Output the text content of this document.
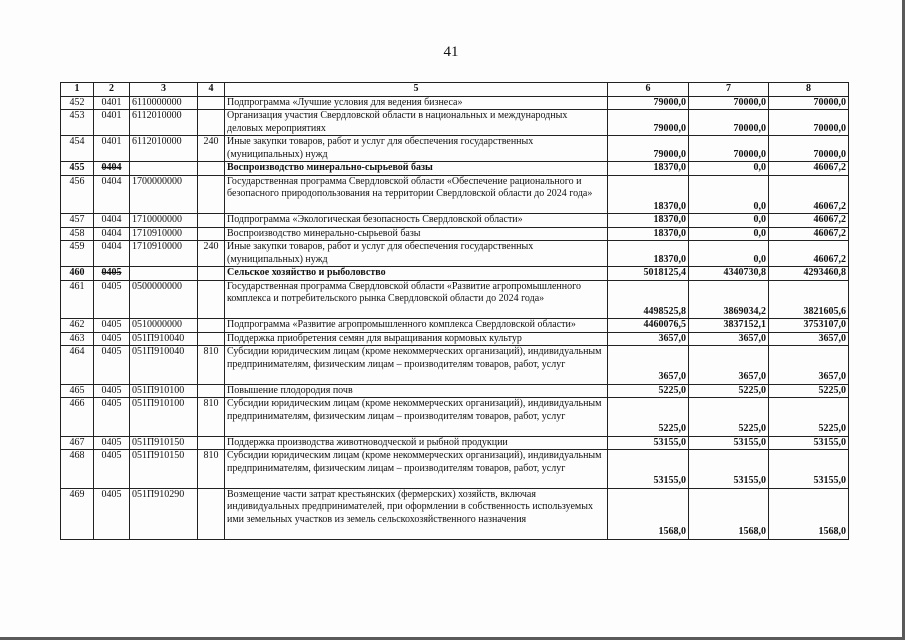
41
1	2	3	4	5	6	7	8
452	0401	6110000000		Подпрограмма «Лучшие условия для ведения бизнеса»	79000,0	70000,0	70000,0
453	0401	6112010000		Организация участия Свердловской области в национальных и международных деловых мероприятиях	79000,0	70000,0	70000,0
454	0401	6112010000	240	Иные закупки товаров, работ и услуг для обеспечения государственных (муниципальных) нужд	79000,0	70000,0	70000,0
455	0404			Воспроизводство минерально-сырьевой базы	18370,0	0,0	46067,2
456	0404	1700000000		Государственная программа Свердловской области «Обеспечение рационального и безопасного природопользования на территории Свердловской области до 2024 года»	18370,0	0,0	46067,2
457	0404	1710000000		Подпрограмма «Экологическая безопасность Свердловской области»	18370,0	0,0	46067,2
458	0404	1710910000		Воспроизводство минерально-сырьевой базы	18370,0	0,0	46067,2
459	0404	1710910000	240	Иные закупки товаров, работ и услуг для обеспечения государственных (муниципальных) нужд	18370,0	0,0	46067,2
460	0405			Сельское хозяйство и рыболовство	5018125,4	4340730,8	4293460,8
461	0405	0500000000		Государственная программа Свердловской области «Развитие агропромышленного комплекса и потребительского рынка Свердловской области до 2024 года»	4498525,8	3869034,2	3821605,6
462	0405	0510000000		Подпрограмма «Развитие агропромышленного комплекса Свердловской области»	4460076,5	3837152,1	3753107,0
463	0405	051П910040		Поддержка приобретения семян для выращивания кормовых культур	3657,0	3657,0	3657,0
464	0405	051П910040	810	Субсидии юридическим лицам (кроме некоммерческих организаций), индивидуальным предпринимателям, физическим лицам – производителям товаров, работ, услуг	3657,0	3657,0	3657,0
465	0405	051П910100		Повышение плодородия почв	5225,0	5225,0	5225,0
466	0405	051П910100	810	Субсидии юридическим лицам (кроме некоммерческих организаций), индивидуальным предпринимателям, физическим лицам – производителям товаров, работ, услуг	5225,0	5225,0	5225,0
467	0405	051П910150		Поддержка производства животноводческой и рыбной продукции	53155,0	53155,0	53155,0
468	0405	051П910150	810	Субсидии юридическим лицам (кроме некоммерческих организаций), индивидуальным предпринимателям, физическим лицам – производителям товаров, работ, услуг	53155,0	53155,0	53155,0
469	0405	051П910290		Возмещение части затрат крестьянских (фермерских) хозяйств, включая индивидуальных предпринимателей, при оформлении в собственность используемых ими земельных участков из земель сельскохозяйственного назначения	1568,0	1568,0	1568,0
